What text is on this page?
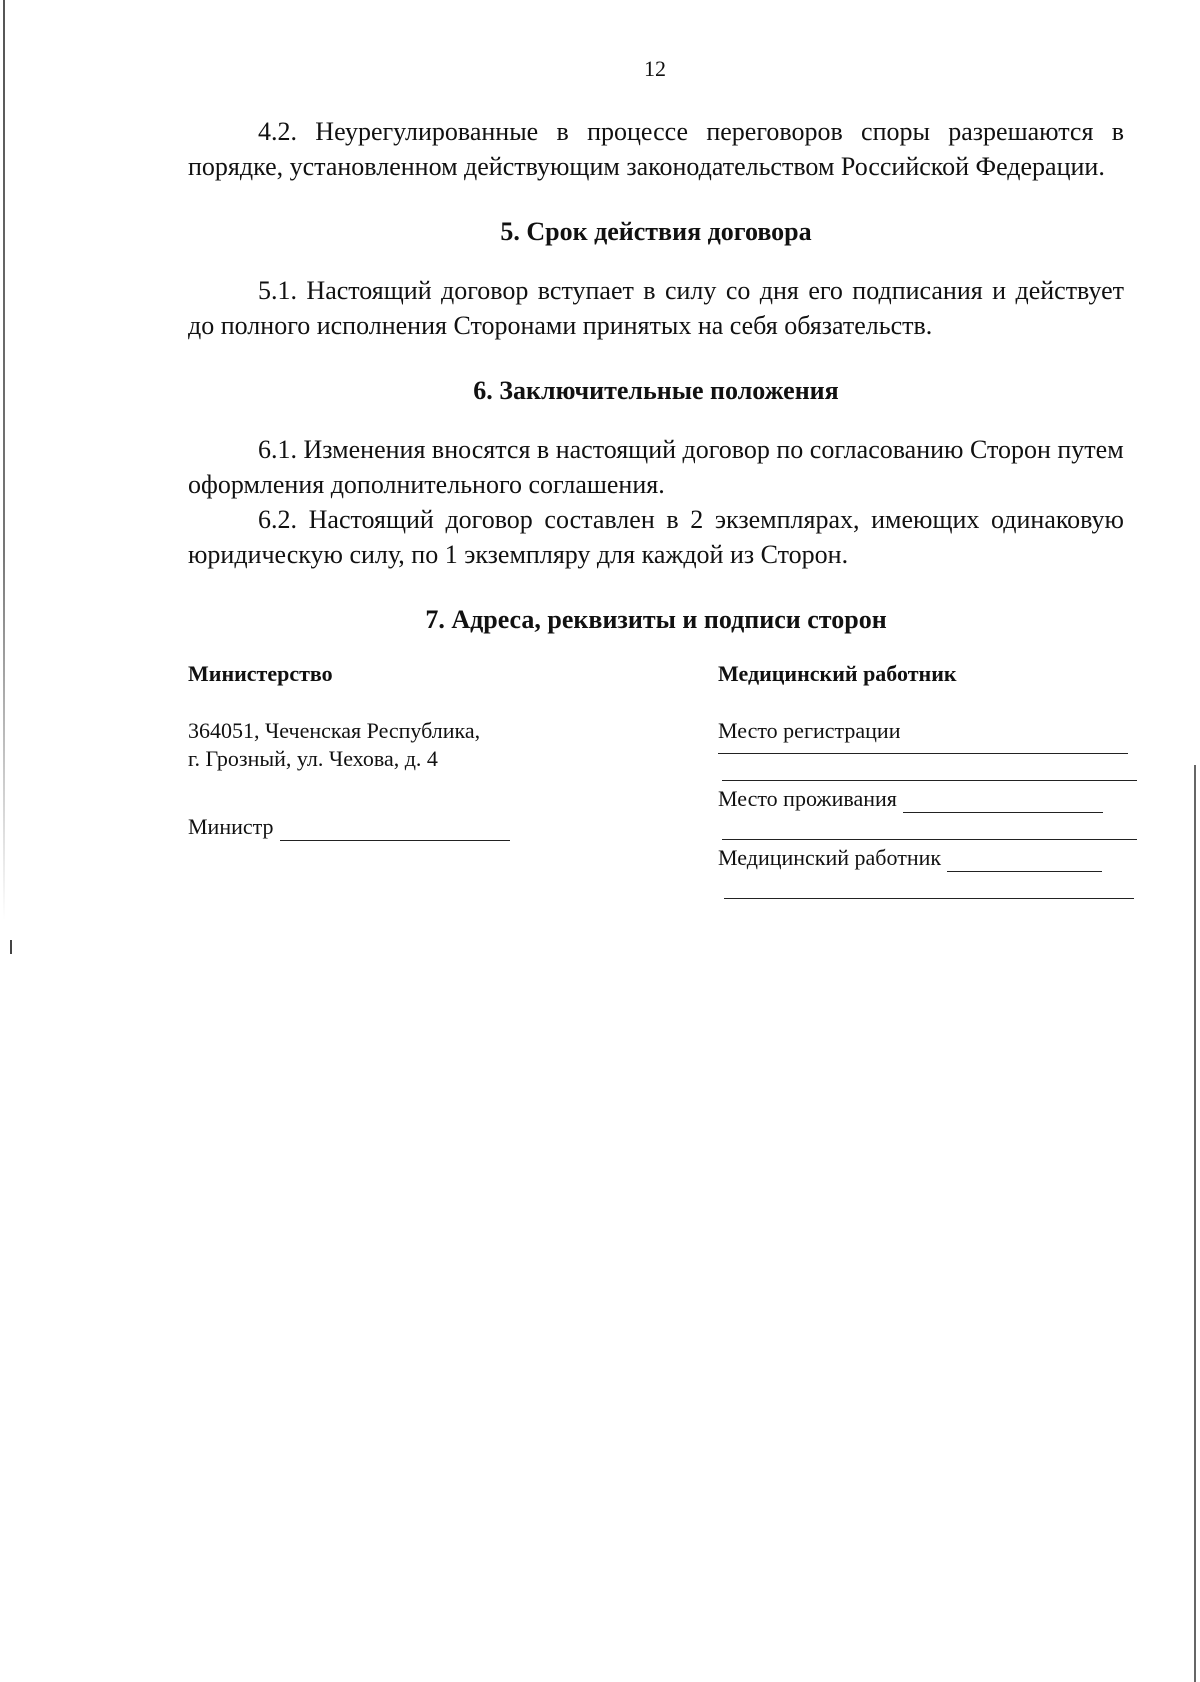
12

4.2. Неурегулированные в процессе переговоров споры разрешаются в порядке, установленном действующим законодательством Российской Федерации.

5. Срок действия договора

5.1. Настоящий договор вступает в силу со дня его подписания и действует до полного исполнения Сторонами принятых на себя обязательств.

6. Заключительные положения

6.1. Изменения вносятся в настоящий договор по согласованию Сторон путем оформления дополнительного соглашения.

6.2. Настоящий договор составлен в 2 экземплярах, имеющих одинаковую юридическую силу, по 1 экземпляру для каждой из Сторон.

7. Адреса, реквизиты и подписи сторон
Министерство
364051, Чеченская Республика,
г. Грозный, ул. Чехова, д. 4
Министр
Медицинский работник
Место регистрации
Место проживания
Медицинский работник
